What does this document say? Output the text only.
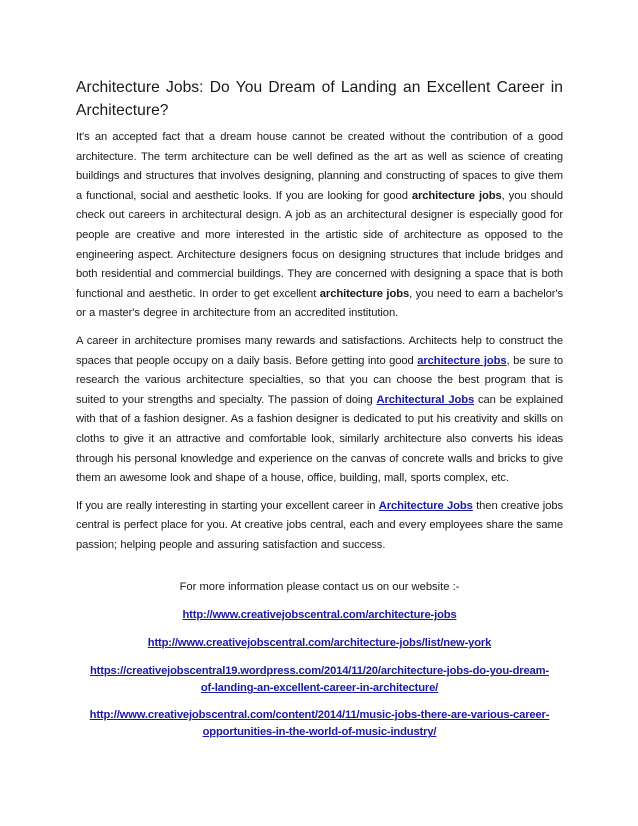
Architecture Jobs: Do You Dream of Landing an Excellent Career in Architecture?

It's an accepted fact that a dream house cannot be created without the contribution of a good architecture. The term architecture can be well defined as the art as well as science of creating buildings and structures that involves designing, planning and constructing of spaces to give them a functional, social and aesthetic looks. If you are looking for good architecture jobs, you should check out careers in architectural design. A job as an architectural designer is especially good for people are creative and more interested in the artistic side of architecture as opposed to the engineering aspect. Architecture designers focus on designing structures that include bridges and both residential and commercial buildings. They are concerned with designing a space that is both functional and aesthetic. In order to get excellent architecture jobs, you need to earn a bachelor's or a master's degree in architecture from an accredited institution.

A career in architecture promises many rewards and satisfactions. Architects help to construct the spaces that people occupy on a daily basis. Before getting into good architecture jobs, be sure to research the various architecture specialties, so that you can choose the best program that is suited to your strengths and specialty. The passion of doing Architectural Jobs can be explained with that of a fashion designer. As a fashion designer is dedicated to put his creativity and skills on cloths to give it an attractive and comfortable look, similarly architecture also converts his ideas through his personal knowledge and experience on the canvas of concrete walls and bricks to give them an awesome look and shape of a house, office, building, mall, sports complex, etc.

If you are really interesting in starting your excellent career in Architecture Jobs then creative jobs central is perfect place for you. At creative jobs central, each and every employees share the same passion; helping people and assuring satisfaction and success.

For more information please contact us on our website :-

http://www.creativejobscentral.com/architecture-jobs

http://www.creativejobscentral.com/architecture-jobs/list/new-york

https://creativejobscentral19.wordpress.com/2014/11/20/architecture-jobs-do-you-dream-

of-landing-an-excellent-career-in-architecture/

http://www.creativejobscentral.com/content/2014/11/music-jobs-there-are-various-career-

opportunities-in-the-world-of-music-industry/
